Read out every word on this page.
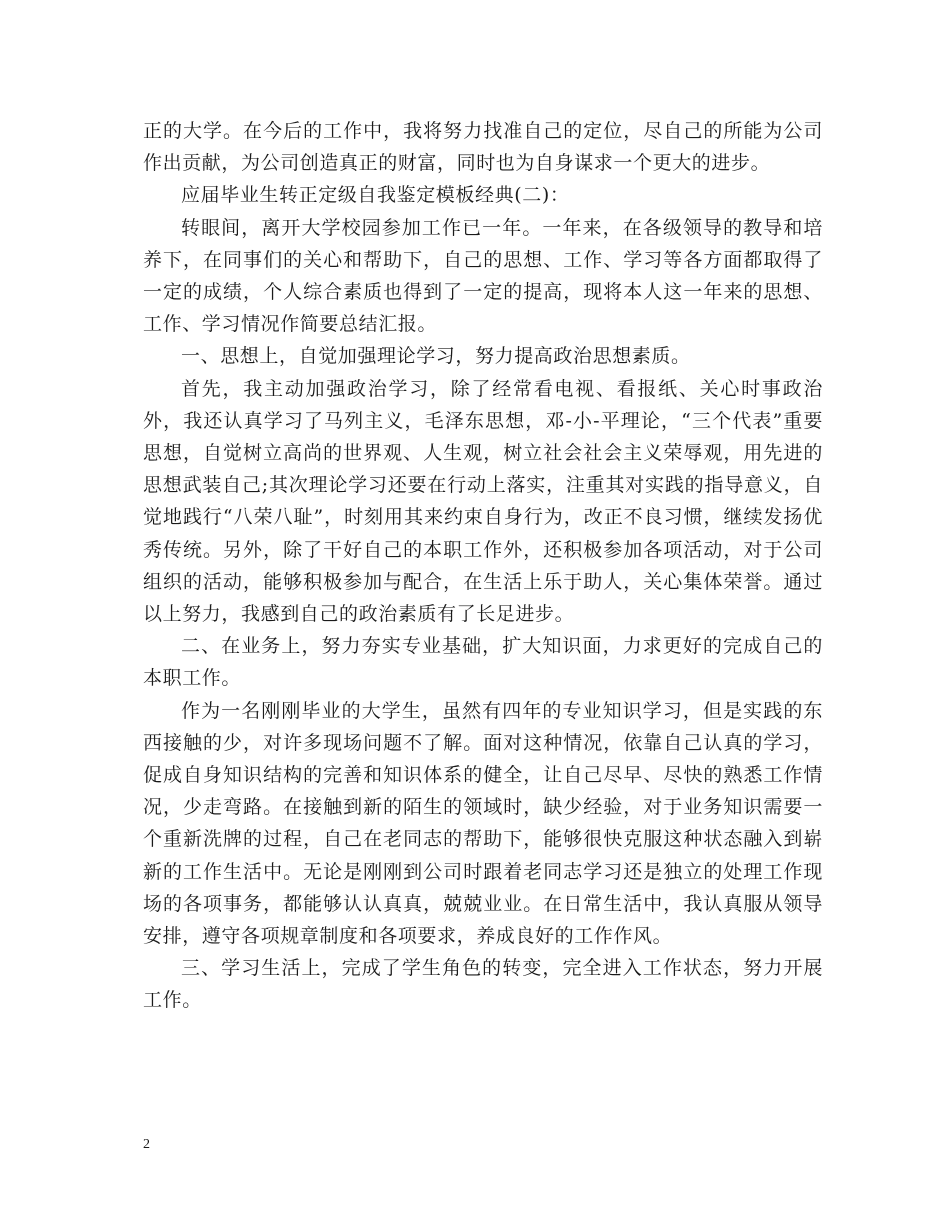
正的大学。在今后的工作中，我将努力找准自己的定位，尽自己的所能为公司作出贡献，为公司创造真正的财富，同时也为自身谋求一个更大的进步。

应届毕业生转正定级自我鉴定模板经典(二)：

转眼间，离开大学校园参加工作已一年。一年来，在各级领导的教导和培养下，在同事们的关心和帮助下，自己的思想、工作、学习等各方面都取得了一定的成绩，个人综合素质也得到了一定的提高，现将本人这一年来的思想、工作、学习情况作简要总结汇报。

一、思想上，自觉加强理论学习，努力提高政治思想素质。

首先，我主动加强政治学习，除了经常看电视、看报纸、关心时事政治外，我还认真学习了马列主义，毛泽东思想，邓-小-平理论，“三个代表”重要思想，自觉树立高尚的世界观、人生观，树立社会社会主义荣辱观，用先进的思想武装自己;其次理论学习还要在行动上落实，注重其对实践的指导意义，自觉地践行“八荣八耻”，时刻用其来约束自身行为，改正不良习惯，继续发扬优秀传统。另外，除了干好自己的本职工作外，还积极参加各项活动，对于公司组织的活动，能够积极参加与配合，在生活上乐于助人，关心集体荣誉。通过以上努力，我感到自己的政治素质有了长足进步。

二、在业务上，努力夯实专业基础，扩大知识面，力求更好的完成自己的本职工作。

作为一名刚刚毕业的大学生，虽然有四年的专业知识学习，但是实践的东西接触的少，对许多现场问题不了解。面对这种情况，依靠自己认真的学习，促成自身知识结构的完善和知识体系的健全，让自己尽早、尽快的熟悉工作情况，少走弯路。在接触到新的陌生的领域时，缺少经验，对于业务知识需要一个重新洗牌的过程，自己在老同志的帮助下，能够很快克服这种状态融入到崭新的工作生活中。无论是刚刚到公司时跟着老同志学习还是独立的处理工作现场的各项事务，都能够认认真真，兢兢业业。在日常生活中，我认真服从领导安排，遵守各项规章制度和各项要求，养成良好的工作作风。

三、学习生活上，完成了学生角色的转变，完全进入工作状态，努力开展工作。

2
